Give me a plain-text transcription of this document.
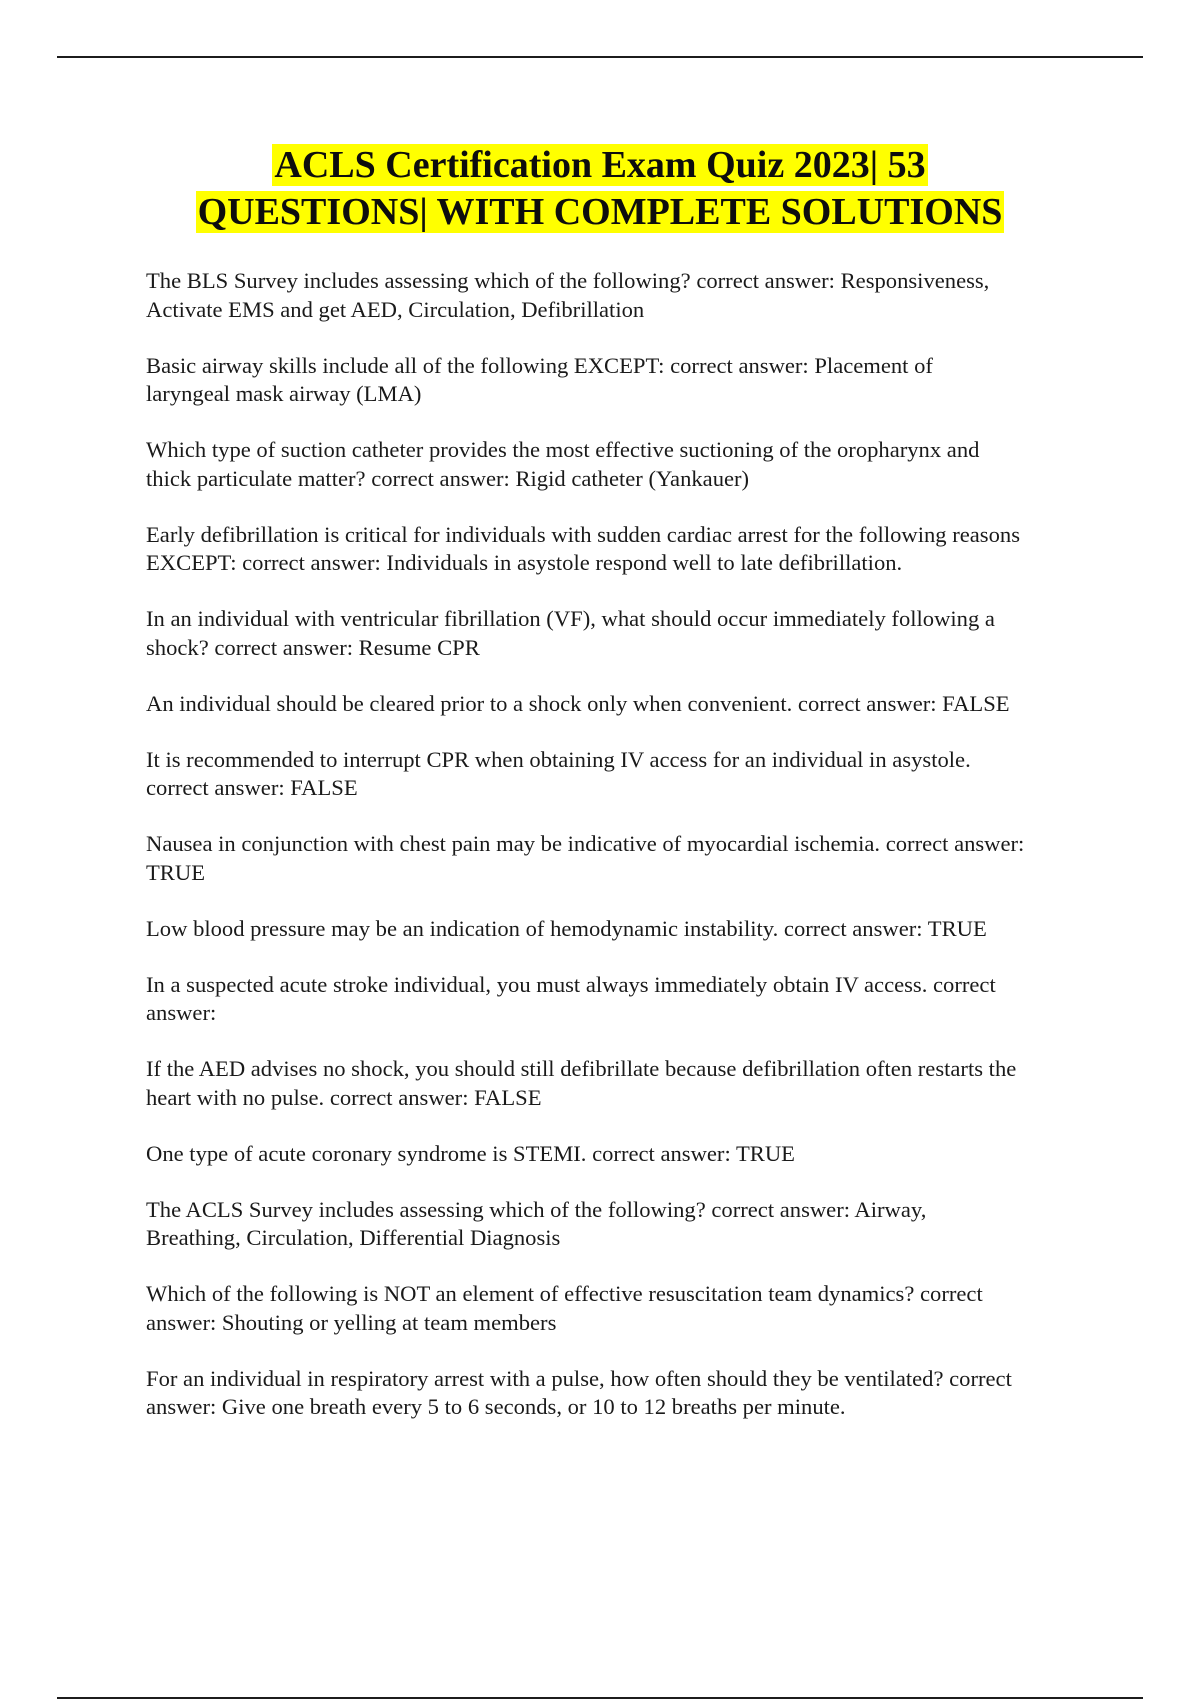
ACLS Certification Exam Quiz 2023| 53
QUESTIONS| WITH COMPLETE SOLUTIONS
The BLS Survey includes assessing which of the following? correct answer: Responsiveness,
Activate EMS and get AED, Circulation, Defibrillation
Basic airway skills include all of the following EXCEPT: correct answer: Placement of
laryngeal mask airway (LMA)
Which type of suction catheter provides the most effective suctioning of the oropharynx and
thick particulate matter? correct answer: Rigid catheter (Yankauer)
Early defibrillation is critical for individuals with sudden cardiac arrest for the following reasons
EXCEPT: correct answer: Individuals in asystole respond well to late defibrillation.
In an individual with ventricular fibrillation (VF), what should occur immediately following a
shock? correct answer: Resume CPR
An individual should be cleared prior to a shock only when convenient. correct answer: FALSE
It is recommended to interrupt CPR when obtaining IV access for an individual in asystole.
correct answer: FALSE
Nausea in conjunction with chest pain may be indicative of myocardial ischemia. correct answer:
TRUE
Low blood pressure may be an indication of hemodynamic instability. correct answer: TRUE
In a suspected acute stroke individual, you must always immediately obtain IV access. correct
answer:
If the AED advises no shock, you should still defibrillate because defibrillation often restarts the
heart with no pulse. correct answer: FALSE
One type of acute coronary syndrome is STEMI. correct answer: TRUE
The ACLS Survey includes assessing which of the following? correct answer: Airway,
Breathing, Circulation, Differential Diagnosis
Which of the following is NOT an element of effective resuscitation team dynamics? correct
answer: Shouting or yelling at team members
For an individual in respiratory arrest with a pulse, how often should they be ventilated? correct
answer: Give one breath every 5 to 6 seconds, or 10 to 12 breaths per minute.
